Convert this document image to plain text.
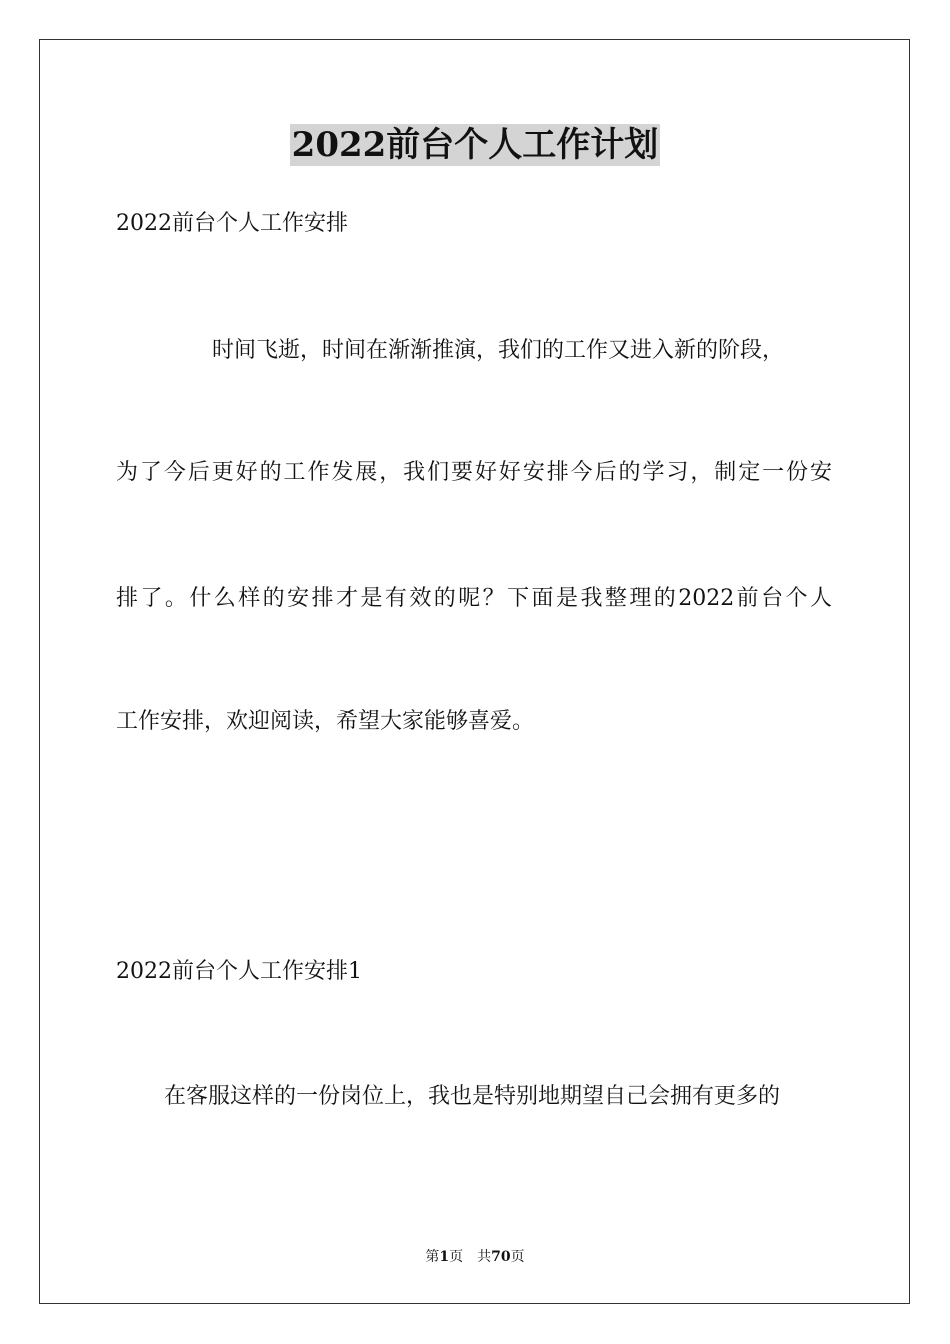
2022前台个人工作计划
2022前台个人工作安排
时间飞逝，时间在渐渐推演，我们的工作又进入新的阶段，
为了今后更好的工作发展，我们要好好安排今后的学习，制定一份安
排了。什么样的安排才是有效的呢？下面是我整理的2022前台个人
工作安排，欢迎阅读，希望大家能够喜爱。
2022前台个人工作安排1
在客服这样的一份岗位上，我也是特别地期望自己会拥有更多的
第1页　共70页
